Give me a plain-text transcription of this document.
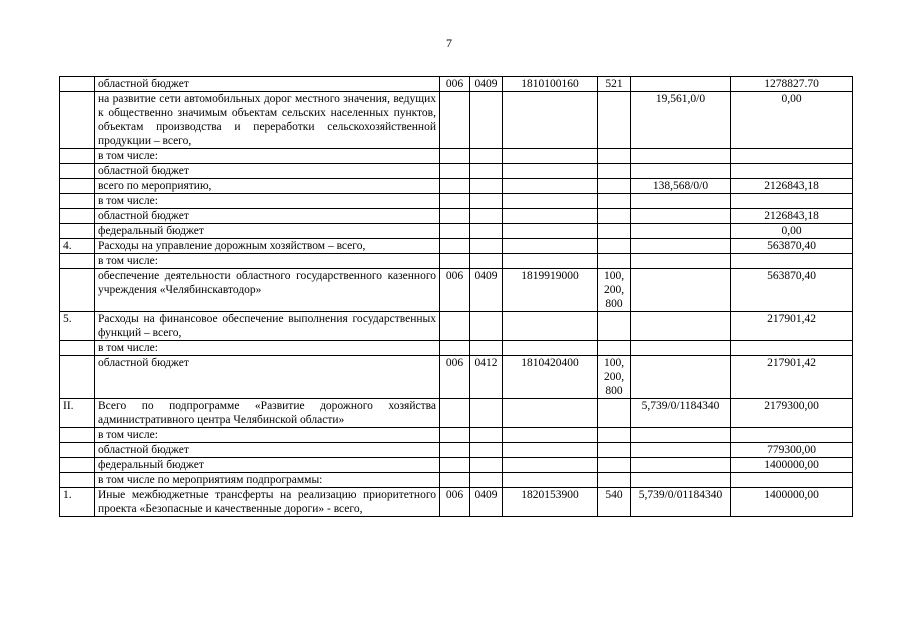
7
	областной бюджет	006	0409	1810100160	521		1278827.70
	на развитие сети автомобильных дорог местного значения, ведущих к общественно значимым объектам сельских населенных пунктов, объектам производства и переработки сельскохозяйственной продукции – всего,					19,561,0/0	0,00
	в том числе:						
	областной бюджет						
	всего по мероприятию,					138,568/0/0	2126843,18
	в том числе:						
	областной бюджет						2126843,18
	федеральный бюджет						0,00
4.	Расходы на управление дорожным хозяйством – всего,						563870,40
	в том числе:						
	обеспечение деятельности областного государственного казенного учреждения «Челябинскавтодор»	006	0409	1819919000	100,
200,
800		563870,40
5.	Расходы на финансовое обеспечение выполнения государственных функций – всего,						217901,42
	в том числе:						
	областной бюджет	006	0412	1810420400	100,
200,
800		217901,42
II.	Всего по подпрограмме «Развитие дорожного хозяйства административного центра Челябинской области»					5,739/0/1184340	2179300,00
	в том числе:						
	областной бюджет						779300,00
	федеральный бюджет						1400000,00
	в том числе по мероприятиям подпрограммы:						
1.	Иные межбюджетные трансферты на реализацию приоритетного проекта «Безопасные и качественные дороги» - всего,	006	0409	1820153900	540	5,739/0/01184340	1400000,00
